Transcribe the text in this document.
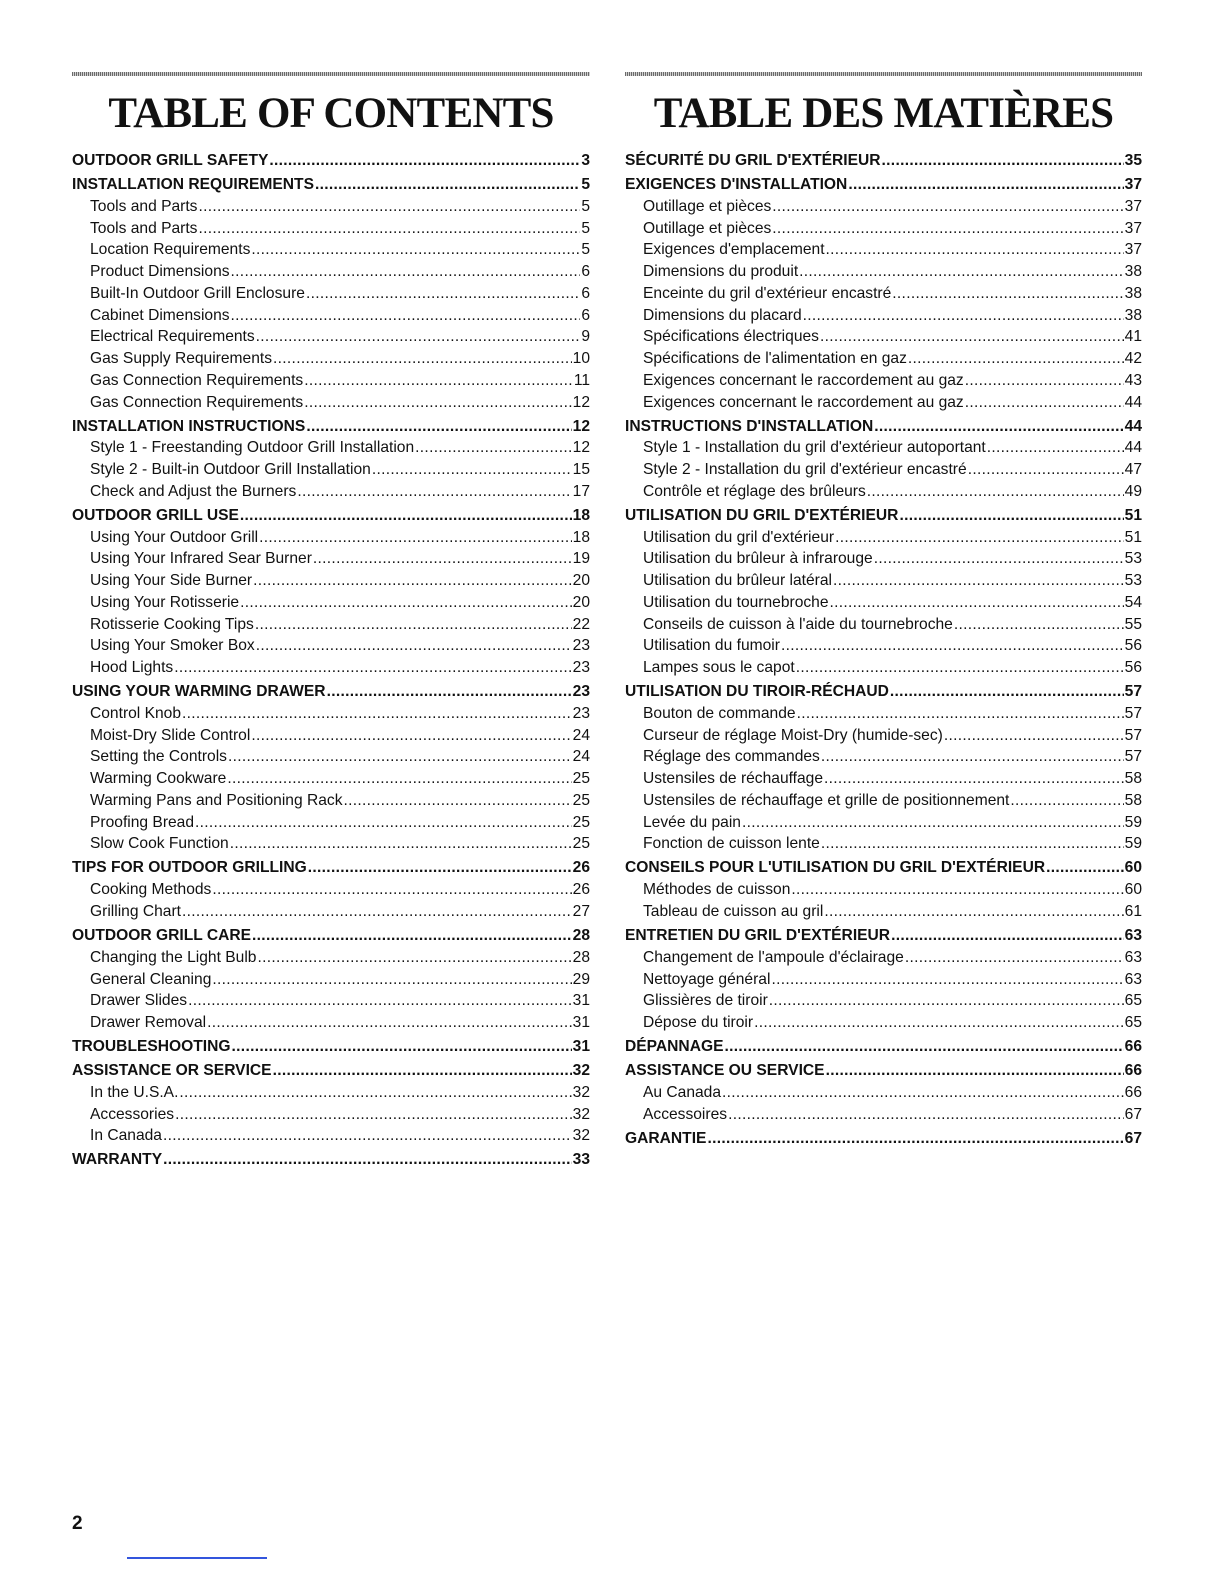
TABLE OF CONTENTS
OUTDOOR GRILL SAFETY .....	3
INSTALLATION REQUIREMENTS .....	5
Tools and Parts .....	5
Tools and Parts .....	5
Location Requirements .....	5
Product Dimensions .....	6
Built-In Outdoor Grill Enclosure .....	6
Cabinet Dimensions .....	6
Electrical Requirements .....	9
Gas Supply Requirements .....	10
Gas Connection Requirements .....	11
Gas Connection Requirements .....	12
INSTALLATION INSTRUCTIONS .....	12
Style 1 - Freestanding Outdoor Grill Installation .....	12
Style 2 - Built-in Outdoor Grill Installation .....	15
Check and Adjust the Burners .....	17
OUTDOOR GRILL USE .....	18
Using Your Outdoor Grill .....	18
Using Your Infrared Sear Burner .....	19
Using Your Side Burner .....	20
Using Your Rotisserie .....	20
Rotisserie Cooking Tips .....	22
Using Your Smoker Box .....	23
Hood Lights .....	23
USING YOUR WARMING DRAWER .....	23
Control Knob .....	23
Moist-Dry Slide Control .....	24
Setting the Controls .....	24
Warming Cookware .....	25
Warming Pans and Positioning Rack .....	25
Proofing Bread .....	25
Slow Cook Function .....	25
TIPS FOR OUTDOOR GRILLING .....	26
Cooking Methods .....	26
Grilling Chart .....	27
OUTDOOR GRILL CARE .....	28
Changing the Light Bulb .....	28
General Cleaning .....	29
Drawer Slides .....	31
Drawer Removal .....	31
TROUBLESHOOTING .....	31
ASSISTANCE OR SERVICE .....	32
In the U.S.A. .....	32
Accessories .....	32
In Canada .....	32
WARRANTY .....	33
TABLE DES MATIÈRES
SÉCURITÉ DU GRIL D'EXTÉRIEUR .....	35
EXIGENCES D'INSTALLATION .....	37
Outillage et pièces .....	37
Outillage et pièces .....	37
Exigences d'emplacement .....	37
Dimensions du produit .....	38
Enceinte du gril d'extérieur encastré .....	38
Dimensions du placard .....	38
Spécifications électriques .....	41
Spécifications de l'alimentation en gaz .....	42
Exigences concernant le raccordement au gaz .....	43
Exigences concernant le raccordement au gaz .....	44
INSTRUCTIONS D'INSTALLATION .....	44
Style 1 - Installation du gril d'extérieur autoportant .....	44
Style 2 - Installation du gril d'extérieur encastré .....	47
Contrôle et réglage des brûleurs .....	49
UTILISATION DU GRIL D'EXTÉRIEUR .....	51
Utilisation du gril d'extérieur .....	51
Utilisation du brûleur à infrarouge .....	53
Utilisation du brûleur latéral .....	53
Utilisation du tournebroche .....	54
Conseils de cuisson à l'aide du tournebroche .....	55
Utilisation du fumoir .....	56
Lampes sous le capot .....	56
UTILISATION DU TIROIR-RÉCHAUD .....	57
Bouton de commande .....	57
Curseur de réglage Moist-Dry (humide-sec) .....	57
Réglage des commandes .....	57
Ustensiles de réchauffage .....	58
Ustensiles de réchauffage et grille de positionnement .....	58
Levée du pain .....	59
Fonction de cuisson lente .....	59
CONSEILS POUR L'UTILISATION DU GRIL D'EXTÉRIEUR .....	60
Méthodes de cuisson .....	60
Tableau de cuisson au gril .....	61
ENTRETIEN DU GRIL D'EXTÉRIEUR .....	63
Changement de l'ampoule d'éclairage .....	63
Nettoyage général .....	63
Glissières de tiroir .....	65
Dépose du tiroir .....	65
DÉPANNAGE .....	66
ASSISTANCE OU SERVICE .....	66
Au Canada .....	66
Accessoires .....	67
GARANTIE .....	67
2
